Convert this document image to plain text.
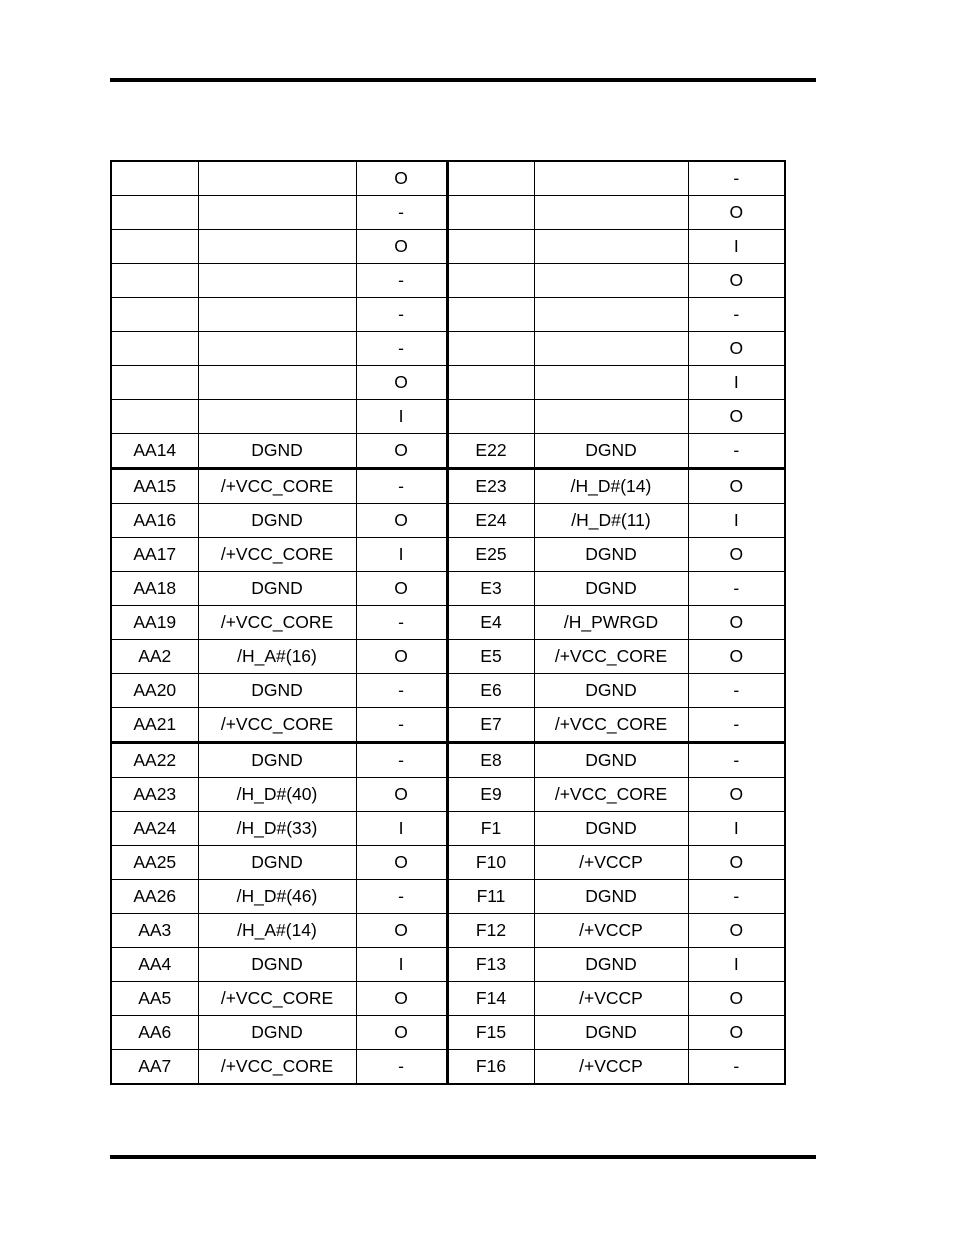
		O			-
		-			O
		O			I
		-			O
		-			-
		-			O
		O			I
		I			O
AA14	DGND	O	E22	DGND	-
AA15	/+VCC_CORE	-	E23	/H_D#(14)	O
AA16	DGND	O	E24	/H_D#(11)	I
AA17	/+VCC_CORE	I	E25	DGND	O
AA18	DGND	O	E3	DGND	-
AA19	/+VCC_CORE	-	E4	/H_PWRGD	O
AA2	/H_A#(16)	O	E5	/+VCC_CORE	O
AA20	DGND	-	E6	DGND	-
AA21	/+VCC_CORE	-	E7	/+VCC_CORE	-
AA22	DGND	-	E8	DGND	-
AA23	/H_D#(40)	O	E9	/+VCC_CORE	O
AA24	/H_D#(33)	I	F1	DGND	I
AA25	DGND	O	F10	/+VCCP	O
AA26	/H_D#(46)	-	F11	DGND	-
AA3	/H_A#(14)	O	F12	/+VCCP	O
AA4	DGND	I	F13	DGND	I
AA5	/+VCC_CORE	O	F14	/+VCCP	O
AA6	DGND	O	F15	DGND	O
AA7	/+VCC_CORE	-	F16	/+VCCP	-
